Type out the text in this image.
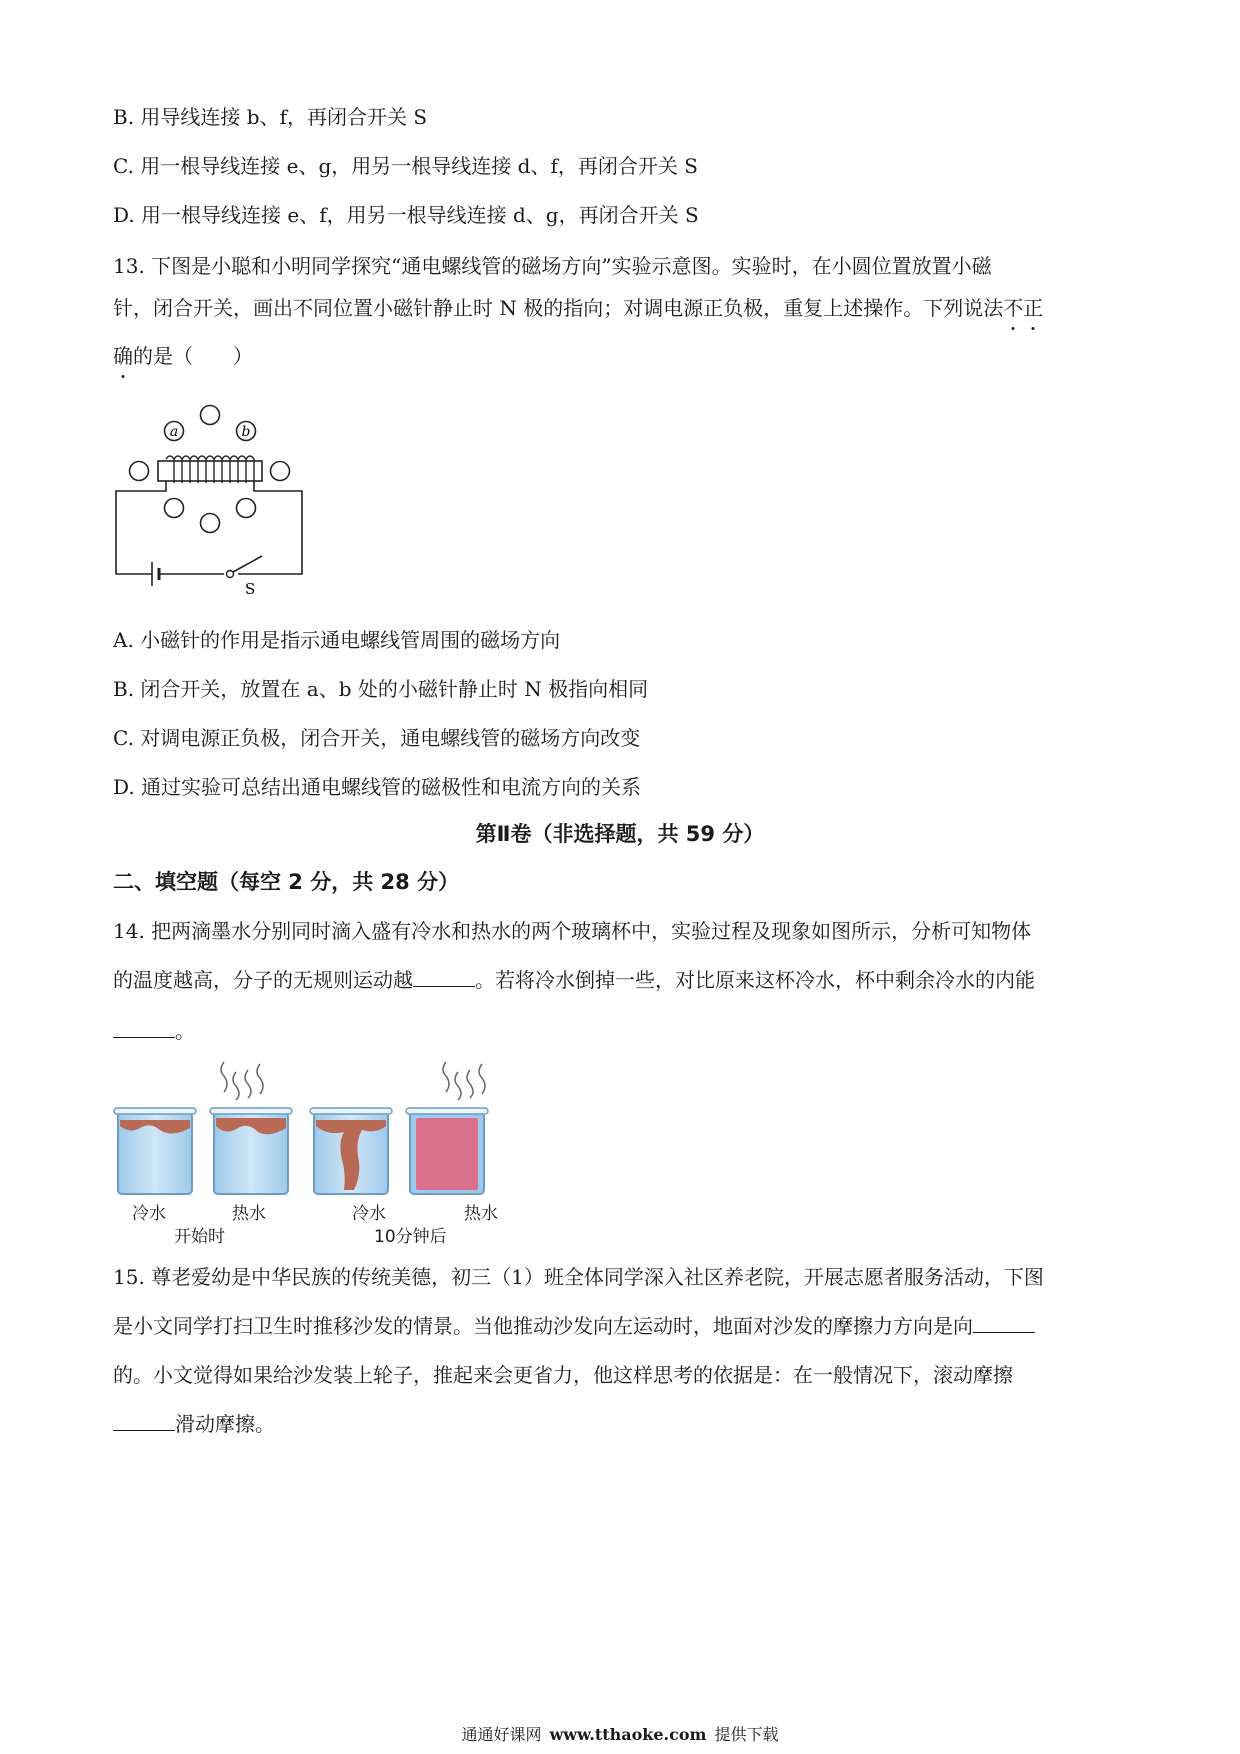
B. 用导线连接 b、f，再闭合开关 S
C. 用一根导线连接 e、g，用另一根导线连接 d、f，再闭合开关 S
D. 用一根导线连接 e、f，用另一根导线连接 d、g，再闭合开关 S
13. 下图是小聪和小明同学探究“通电螺线管的磁场方向”实验示意图。实验时，在小圆位置放置小磁
针，闭合开关，画出不同位置小磁针静止时 N 极的指向；对调电源正负极，重复上述操作。下列说法不正
确的是（　　）
a	b
S
A. 小磁针的作用是指示通电螺线管周围的磁场方向
B. 闭合开关，放置在 a、b 处的小磁针静止时 N 极指向相同
C. 对调电源正负极，闭合开关，通电螺线管的磁场方向改变
D. 通过实验可总结出通电螺线管的磁极性和电流方向的关系
第Ⅱ卷（非选择题，共 59 分）
二、填空题（每空 2 分，共 28 分）
14. 把两滴墨水分别同时滴入盛有冷水和热水的两个玻璃杯中，实验过程及现象如图所示，分析可知物体
的温度越高，分子的无规则运动越	。若将冷水倒掉一些，对比原来这杯冷水，杯中剩余冷水的内能
。
冷水	热水
开始时
冷水	热水
10分钟后
15. 尊老爱幼是中华民族的传统美德，初三（1）班全体同学深入社区养老院，开展志愿者服务活动，下图
是小文同学打扫卫生时推移沙发的情景。当他推动沙发向左运动时，地面对沙发的摩擦力方向是向
的。小文觉得如果给沙发装上轮子，推起来会更省力，他这样思考的依据是：在一般情况下，滚动摩擦
滑动摩擦。
通通好课网 www.tthaoke.com 提供下载
